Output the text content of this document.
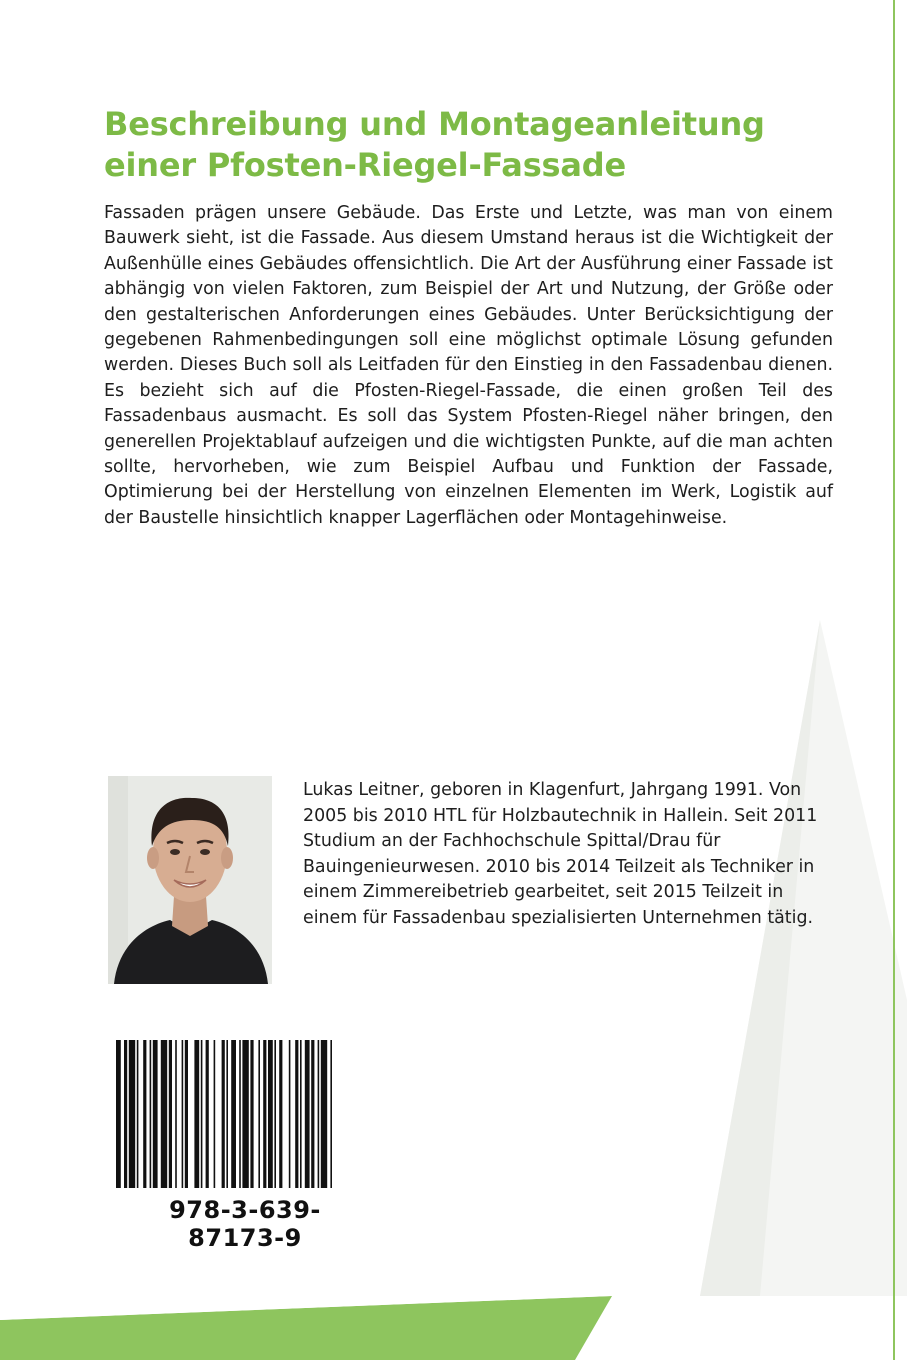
Beschreibung und Montageanleitung einer Pfosten-Riegel-Fassade

Fassaden prägen unsere Gebäude. Das Erste und Letzte, was man von einem Bauwerk sieht, ist die Fassade. Aus diesem Umstand heraus ist die Wichtigkeit der Außenhülle eines Gebäudes offensichtlich. Die Art der Ausführung einer Fassade ist abhängig von vielen Faktoren, zum Beispiel der Art und Nutzung, der Größe oder den gestalterischen Anforderungen eines Gebäudes. Unter Berücksichtigung der gegebenen Rahmenbedingungen soll eine möglichst optimale Lösung gefunden werden. Dieses Buch soll als Leitfaden für den Einstieg in den Fassadenbau dienen. Es bezieht sich auf die Pfosten-Riegel-Fassade, die einen großen Teil des Fassadenbaus ausmacht. Es soll das System Pfosten-Riegel näher bringen, den generellen Projektablauf aufzeigen und die wichtigsten Punkte, auf die man achten sollte, hervorheben, wie zum Beispiel Aufbau und Funktion der Fassade, Optimierung bei der Herstellung von einzelnen Elementen im Werk, Logistik auf der Baustelle hinsichtlich knapper Lagerflächen oder Montagehinweise.

Lukas Leitner, geboren in Klagenfurt, Jahrgang 1991. Von 2005 bis 2010 HTL für Holzbautechnik in Hallein. Seit 2011 Studium an der Fachhochschule Spittal/Drau für Bauingenieurwesen. 2010 bis 2014 Teilzeit als Techniker in einem Zimmereibetrieb gearbeitet, seit 2015 Teilzeit in einem für Fassadenbau spezialisierten Unternehmen tätig.

978-3-639-87173-9
